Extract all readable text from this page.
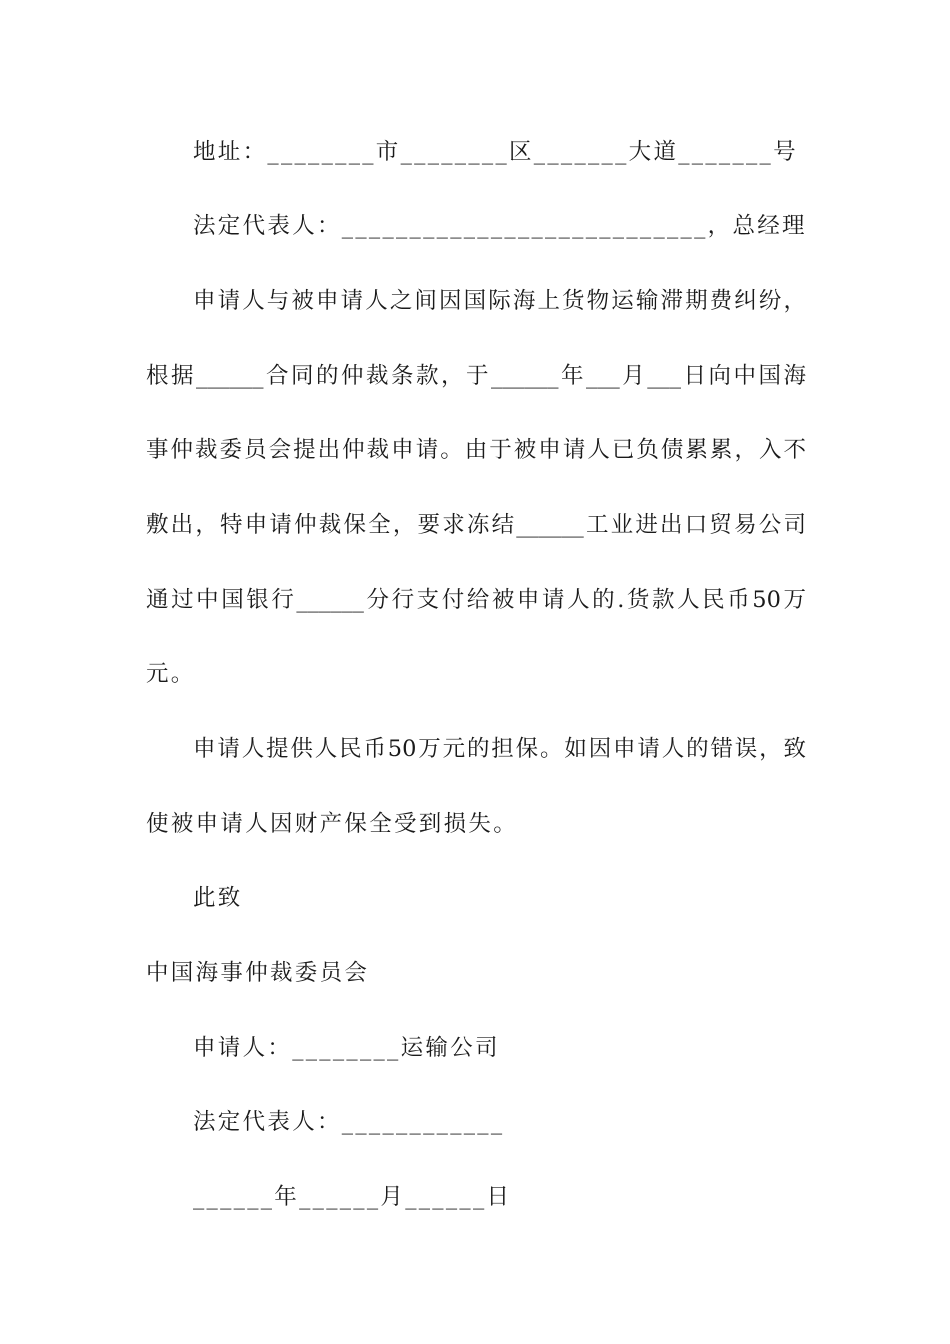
地址：________市________区_______大道_______号
法定代表人：___________________________，总经理
申请人与被申请人之间因国际海上货物运输滞期费纠纷，
根据______合同的仲裁条款，于______年___月___日向中国海
事仲裁委员会提出仲裁申请。由于被申请人已负债累累，入不
敷出，特申请仲裁保全，要求冻结______工业进出口贸易公司
通过中国银行______分行支付给被申请人的.货款人民币50万
元。
申请人提供人民币50万元的担保。如因申请人的错误，致
使被申请人因财产保全受到损失。
此致
中国海事仲裁委员会
申请人：________运输公司
法定代表人：____________
______年______月______日
